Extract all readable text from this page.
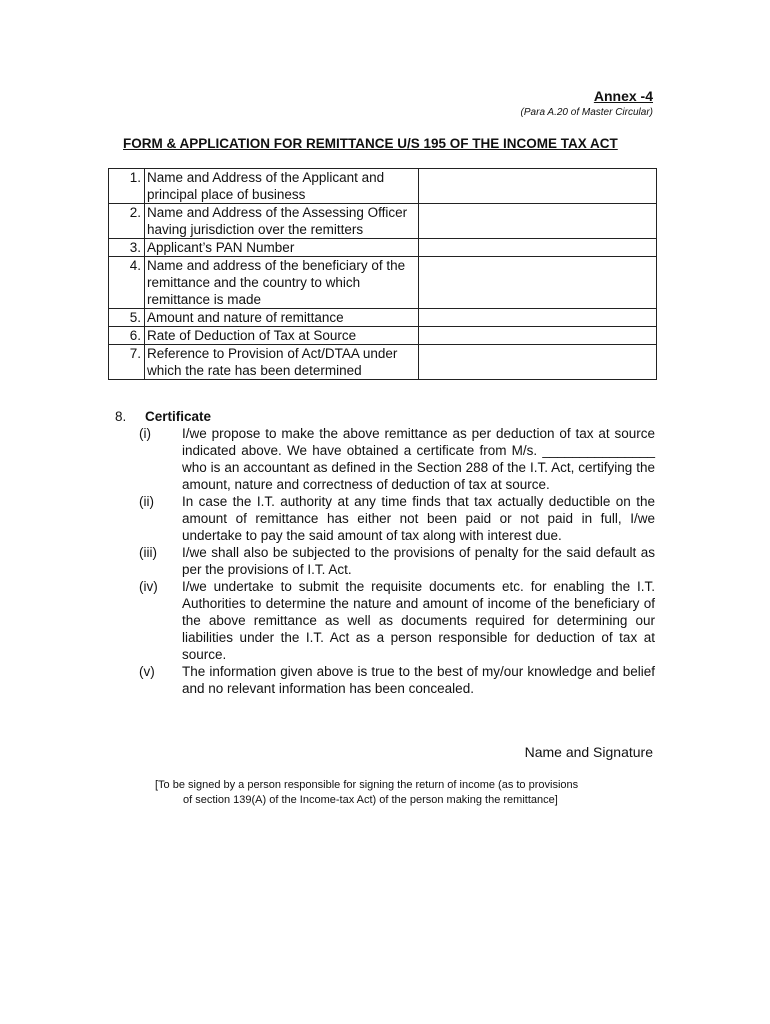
Annex -4
(Para A.20 of Master Circular)
FORM & APPLICATION FOR REMITTANCE U/S 195 OF THE INCOME TAX ACT
1.	Name and Address of the Applicant and principal place of business	
2.	Name and Address of the Assessing Officer having jurisdiction over the remitters	
3.	Applicant’s PAN Number	
4.	Name and address of the beneficiary of the remittance and the country to which remittance is made	
5.	Amount and nature of remittance	
6.	Rate of Deduction of Tax at Source	
7.	Reference to Provision of Act/DTAA under which the rate has been determined	
8.	Certificate
(i)	I/we propose to make the above remittance as per deduction of tax at source indicated above. We have obtained a certificate from M/s. _______________ who is an accountant as defined in the Section 288 of the I.T. Act, certifying the amount, nature and correctness of deduction of tax at source.
(ii)	In case the I.T. authority at any time finds that tax actually deductible on the amount of remittance has either not been paid or not paid in full, I/we undertake to pay the said amount of tax along with interest due.
(iii)	I/we shall also be subjected to the provisions of penalty for the said default as per the provisions of I.T. Act.
(iv)	I/we undertake to submit the requisite documents etc. for enabling the I.T. Authorities to determine the nature and amount of income of the beneficiary of the above remittance as well as documents required for determining our liabilities under the I.T. Act as a person responsible for deduction of tax at source.
(v)	The information given above is true to the best of my/our knowledge and belief and no relevant information has been concealed.
Name and Signature
[To be signed by a person responsible for signing the return of income (as to provisions
of section 139(A) of the Income-tax Act) of the person making the remittance]
